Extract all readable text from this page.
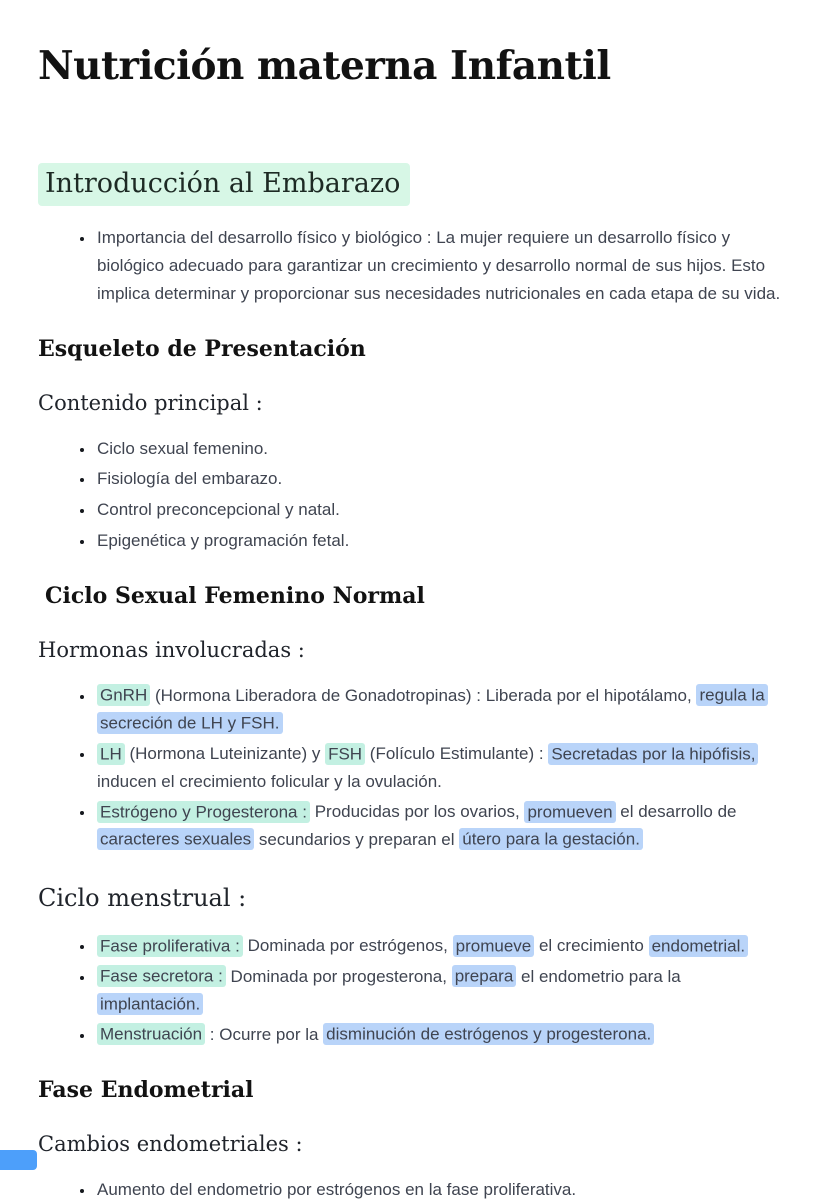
Nutrición materna Infantil
Introducción al Embarazo
• Importancia del desarrollo físico y biológico : La mujer requiere un desarrollo físico y biológico adecuado para garantizar un crecimiento y desarrollo normal de sus hijos. Esto implica determinar y proporcionar sus necesidades nutricionales en cada etapa de su vida.
Esqueleto de Presentación
Contenido principal :
• Ciclo sexual femenino.
• Fisiología del embarazo.
• Control preconcepcional y natal.
• Epigenética y programación fetal.
Ciclo Sexual Femenino Normal
Hormonas involucradas :
• GnRH (Hormona Liberadora de Gonadotropinas) : Liberada por el hipotálamo, regula la secreción de LH y FSH.
• LH (Hormona Luteinizante) y FSH (Folículo Estimulante) : Secretadas por la hipófisis, inducen el crecimiento folicular y la ovulación.
• Estrógeno y Progesterona : Producidas por los ovarios, promueven el desarrollo de caracteres sexuales secundarios y preparan el útero para la gestación.
Ciclo menstrual :
• Fase proliferativa : Dominada por estrógenos, promueve el crecimiento endometrial.
• Fase secretora : Dominada por progesterona, prepara el endometrio para la implantación.
• Menstruación : Ocurre por la disminución de estrógenos y progesterona.
Fase Endometrial
Cambios endometriales :
• Aumento del endometrio por estrógenos en la fase proliferativa.
